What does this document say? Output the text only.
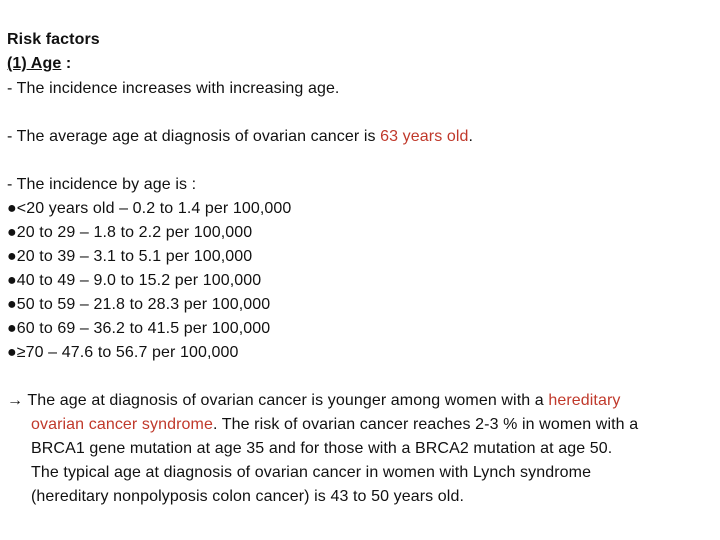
Risk factors
(1) Age :
- The incidence increases with increasing age.
- The average age at diagnosis of ovarian cancer is 63 years old.
- The incidence by age is :
●<20 years old – 0.2 to 1.4 per 100,000
●20 to 29 – 1.8 to 2.2 per 100,000
●20 to 39 – 3.1 to 5.1 per 100,000
●40 to 49 – 9.0 to 15.2 per 100,000
●50 to 59 – 21.8 to 28.3 per 100,000
●60 to 69 – 36.2 to 41.5 per 100,000
●≥70 – 47.6 to 56.7 per 100,000
→ The age at diagnosis of ovarian cancer is younger among women with a hereditary
ovarian cancer syndrome. The risk of ovarian cancer reaches 2-3 % in women with a
BRCA1 gene mutation at age 35 and for those with a BRCA2 mutation at age 50.
The typical age at diagnosis of ovarian cancer in women with Lynch syndrome
(hereditary nonpolyposis colon cancer) is 43 to 50 years old.
